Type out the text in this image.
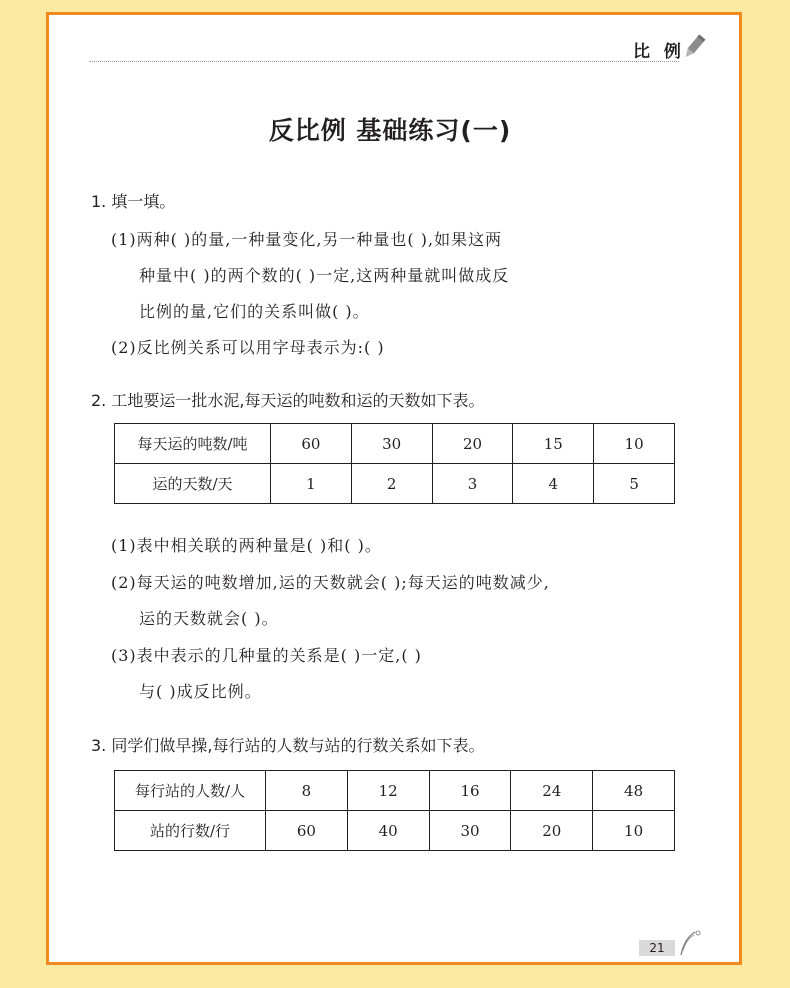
比 例
反比例 基础练习(一)
1. 填一填。
(1)两种( )的量,一种量变化,另一种量也( ),如果这两
种量中( )的两个数的( )一定,这两种量就叫做成反
比例的量,它们的关系叫做( )。
(2)反比例关系可以用字母表示为:( )
2. 工地要运一批水泥,每天运的吨数和运的天数如下表。
每天运的吨数/吨	60	30	20	15	10
运的天数/天	1	2	3	4	5
(1)表中相关联的两种量是( )和( )。
(2)每天运的吨数增加,运的天数就会( );每天运的吨数减少,
运的天数就会( )。
(3)表中表示的几种量的关系是( )一定,( )
与( )成反比例。
3. 同学们做早操,每行站的人数与站的行数关系如下表。
每行站的人数/人	8	12	16	24	48
站的行数/行	60	40	30	20	10
21
